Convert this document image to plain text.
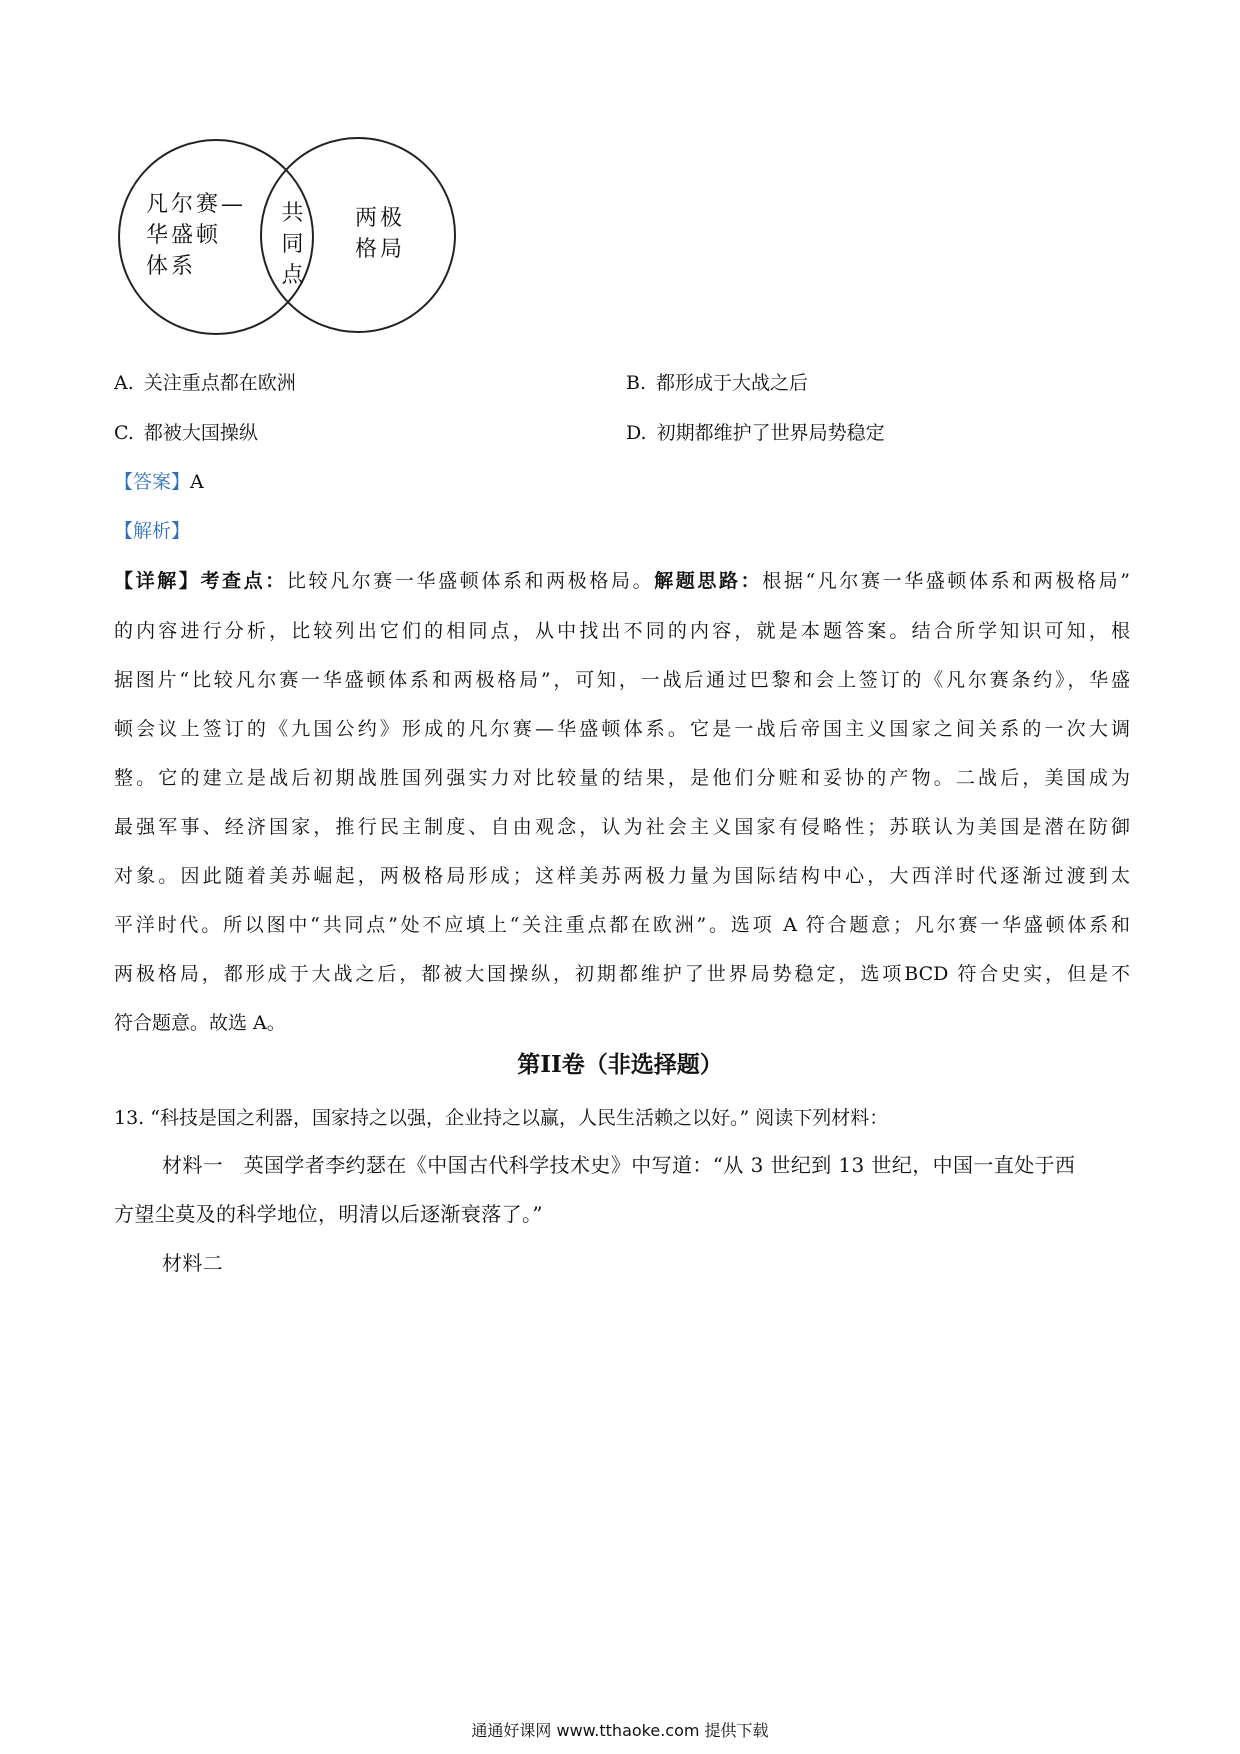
凡尔赛—
华盛顿
体系
共
同
点
两极
格局
A. 关注重点都在欧洲	B. 都形成于大战之后
C. 都被大国操纵	D. 初期都维护了世界局势稳定
【答案】A
【解析】
【详解】考查点：比较凡尔赛一华盛顿体系和两极格局。解题思路：根据“凡尔赛一华盛顿体系和两极格局”
的内容进行分析，比较列出它们的相同点，从中找出不同的内容，就是本题答案。结合所学知识可知，根
据图片“比较凡尔赛一华盛顿体系和两极格局”，可知，一战后通过巴黎和会上签订的《凡尔赛条约》，华盛
顿会议上签订的《九国公约》形成的凡尔赛—华盛顿体系。它是一战后帝国主义国家之间关系的一次大调
整。它的建立是战后初期战胜国列强实力对比较量的结果，是他们分赃和妥协的产物。二战后，美国成为
最强军事、经济国家，推行民主制度、自由观念，认为社会主义国家有侵略性；苏联认为美国是潜在防御
对象。因此随着美苏崛起，两极格局形成；这样美苏两极力量为国际结构中心，大西洋时代逐渐过渡到太
平洋时代。所以图中“共同点”处不应填上“关注重点都在欧洲”。选项 A 符合题意；凡尔赛一华盛顿体系和
两极格局，都形成于大战之后，都被大国操纵，初期都维护了世界局势稳定，选项BCD 符合史实，但是不
符合题意。故选 A。
第II卷（非选择题）
13. “科技是国之利器，国家持之以强，企业持之以赢，人民生活赖之以好。” 阅读下列材料：
材料一　英国学者李约瑟在《中国古代科学技术史》中写道：“从 3 世纪到 13 世纪，中国一直处于西
方望尘莫及的科学地位，明清以后逐渐衰落了。”
材料二
通通好课网 www.tthaoke.com 提供下载
